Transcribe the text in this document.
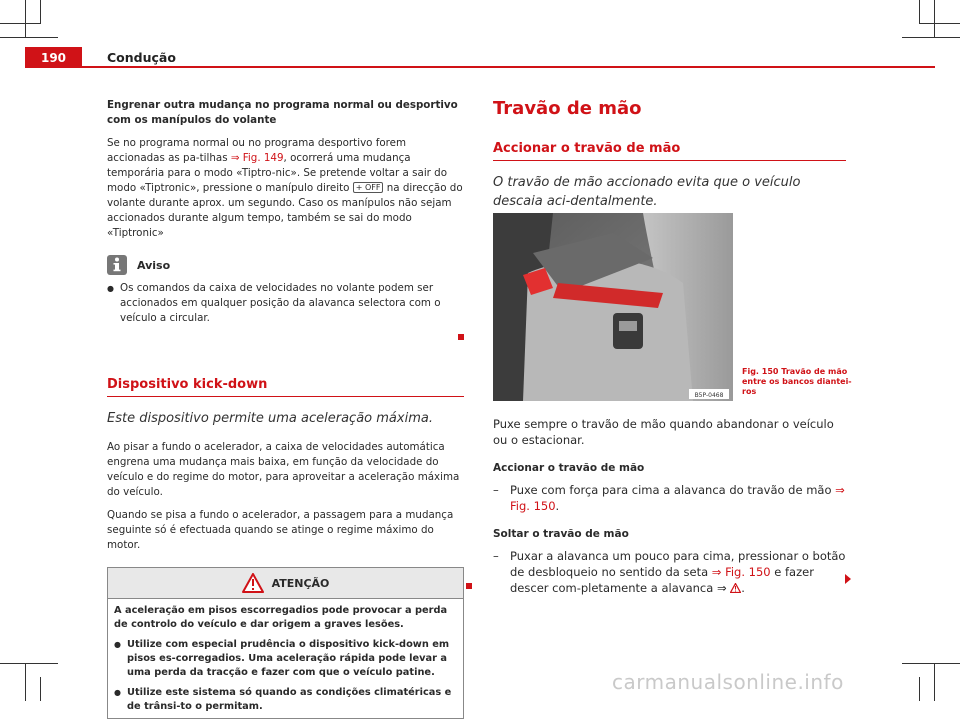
190	Condução

Engrenar outra mudança no programa normal ou desportivo com os manípulos do volante

Se no programa normal ou no programa desportivo forem accionadas as pa-tilhas ⇒ Fig. 149, ocorrerá uma mudança temporária para o modo «Tiptro-nic». Se pretende voltar a sair do modo «Tiptronic», pressione o manípulo direito + OFF na direcção do volante durante aprox. um segundo. Caso os manípulos não sejam accionados durante algum tempo, também se sai do modo «Tiptronic»

Aviso
● Os comandos da caixa de velocidades no volante podem ser accionados em qualquer posição da alavanca selectora com o veículo a circular.
Dispositivo kick-down
Este dispositivo permite uma aceleração máxima.

Ao pisar a fundo o acelerador, a caixa de velocidades automática engrena uma mudança mais baixa, em função da velocidade do veículo e do regime do motor, para aproveitar a aceleração máxima do veículo.

Quando se pisa a fundo o acelerador, a passagem para a mudança seguinte só é efectuada quando se atinge o regime máximo do motor.

ATENÇÃO

A aceleração em pisos escorregadios pode provocar a perda de controlo do veículo e dar origem a graves lesões.

● Utilize com especial prudência o dispositivo kick-down em pisos es-corregadios. Uma aceleração rápida pode levar a uma perda da tracção e fazer com que o veículo patine.
● Utilize este sistema só quando as condições climatéricas e de trânsi-to o permitam.
Travão de mão
Accionar o travão de mão
O travão de mão accionado evita que o veículo descaia aci-dentalmente.
B5P-0468
Fig. 150 Travão de mão entre os bancos diantei-ros

Puxe sempre o travão de mão quando abandonar o veículo ou o estacionar.

Accionar o travão de mão

– Puxe com força para cima a alavanca do travão de mão ⇒ Fig. 150.

Soltar o travão de mão

– Puxar a alavanca um pouco para cima, pressionar o botão de desbloqueio no sentido da seta ⇒ Fig. 150 e fazer descer com-pletamente a alavanca ⇒ .
carmanualsonline.info
